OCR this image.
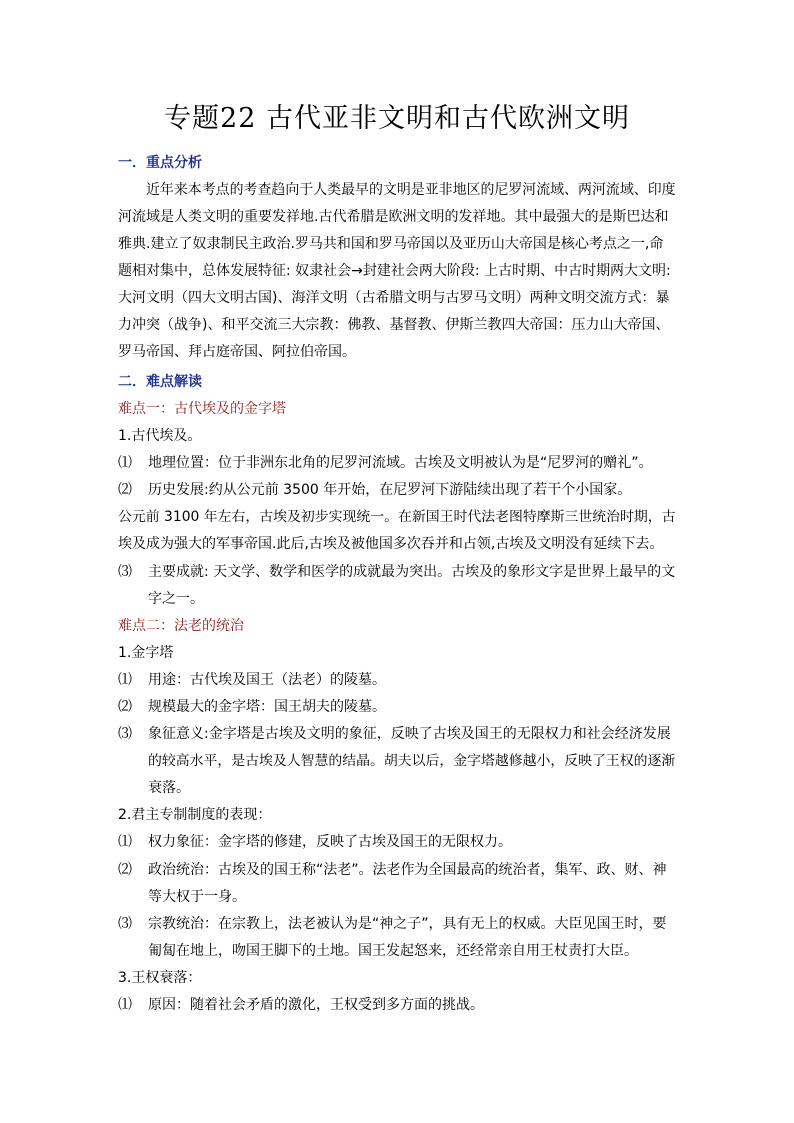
专题22 古代亚非文明和古代欧洲文明
一．重点分析
近年来本考点的考查趋向于人类最早的文明是亚非地区的尼罗河流域、两河流域、印度
河流域是人类文明的重要发祥地.古代希腊是欧洲文明的发祥地。其中最强大的是斯巴达和
雅典.建立了奴隶制民主政治.罗马共和国和罗马帝国以及亚历山大帝国是核心考点之一,命
题相对集中，总体发展特征: 奴隶社会→封建社会两大阶段: 上古时期、中古时期两大文明:
大河文明（四大文明古国)、海洋文明（古希腊文明与古罗马文明）两种文明交流方式：暴
力冲突（战争)、和平交流三大宗教：佛教、基督教、伊斯兰教四大帝国：压力山大帝国、
罗马帝国、拜占庭帝国、阿拉伯帝国。
二．难点解读
难点一：古代埃及的金字塔
1.古代埃及。
⑴ 地理位置：位于非洲东北角的尼罗河流域。古埃及文明被认为是“尼罗河的赠礼”。
⑵ 历史发展:约从公元前 3500 年开始，在尼罗河下游陆续出现了若干个小国家。
公元前 3100 年左右，古埃及初步实现统一。在新国王时代法老图特摩斯三世统治时期，古
埃及成为强大的军事帝国.此后,古埃及被他国多次吞并和占领,古埃及文明没有延续下去。
⑶ 主要成就: 天文学、数学和医学的成就最为突出。古埃及的象形文字是世界上最早的文
字之一。
难点二：法老的统治
1.金字塔
⑴ 用途：古代埃及国王（法老）的陵墓。
⑵ 规模最大的金字塔：国王胡夫的陵墓。
⑶ 象征意义:金字塔是古埃及文明的象征，反映了古埃及国王的无限权力和社会经济发展
的较高水平，是古埃及人智慧的结晶。胡夫以后，金字塔越修越小，反映了王权的逐渐
衰落。
2.君主专制制度的表现：
⑴ 权力象征：金字塔的修建，反映了古埃及国王的无限权力。
⑵ 政治统治：古埃及的国王称“法老”。法老作为全国最高的统治者，集军、政、财、神
等大权于一身。
⑶ 宗教统治：在宗教上，法老被认为是“神之子”，具有无上的权威。大臣见国王时，要
匍匐在地上，吻国王脚下的土地。国王发起怒来，还经常亲自用王杖责打大臣。
3.王权衰落：
⑴ 原因：随着社会矛盾的激化，王权受到多方面的挑战。
